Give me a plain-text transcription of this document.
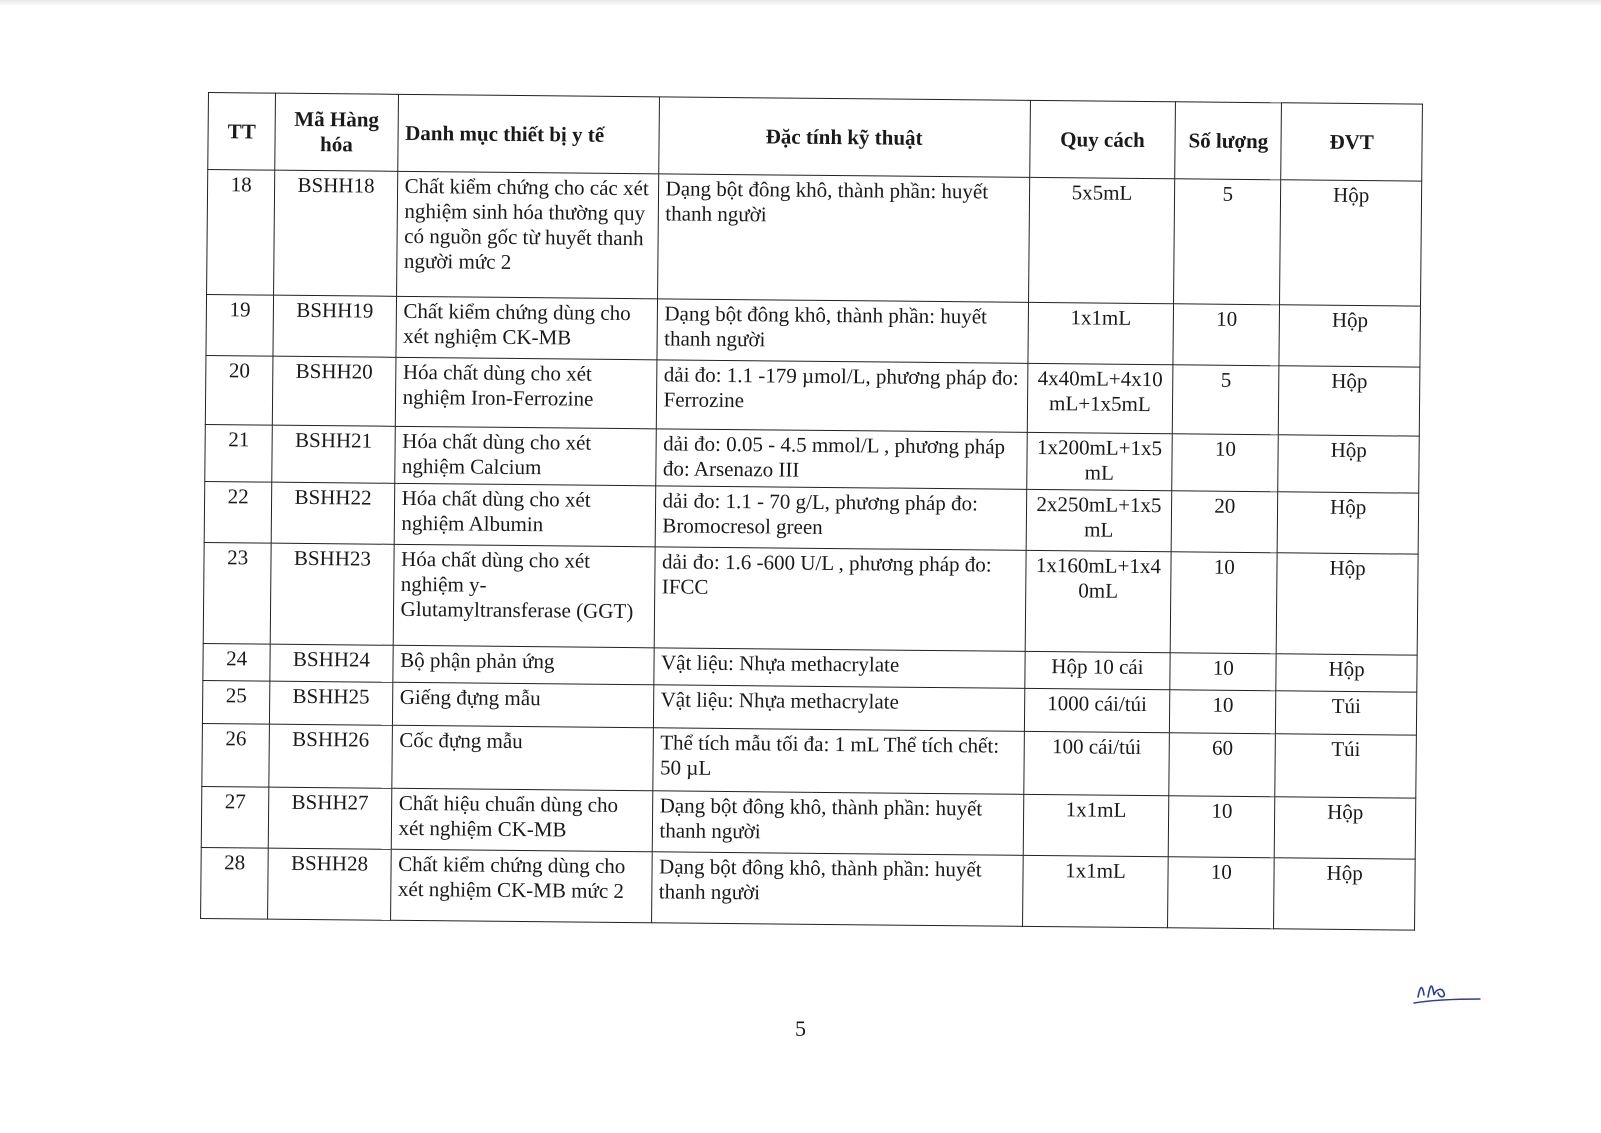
TT	Mã Hàng hóa	Danh mục thiết bị y tế	Đặc tính kỹ thuật	Quy cách	Số lượng	ĐVT
18	BSHH18	Chất kiểm chứng cho các xét nghiệm sinh hóa thường quy có nguồn gốc từ huyết thanh người mức 2	Dạng bột đông khô, thành phần: huyết thanh người	5x5mL	5	Hộp
19	BSHH19	Chất kiểm chứng dùng cho xét nghiệm CK-MB	Dạng bột đông khô, thành phần: huyết thanh người	1x1mL	10	Hộp
20	BSHH20	Hóa chất dùng cho xét nghiệm Iron-Ferrozine	dải đo: 1.1 -179 µmol/L, phương pháp đo: Ferrozine	4x40mL+4x10mL+1x5mL	5	Hộp
21	BSHH21	Hóa chất dùng cho xét nghiệm Calcium	dải đo: 0.05 - 4.5 mmol/L , phương pháp đo: Arsenazo III	1x200mL+1x5mL	10	Hộp
22	BSHH22	Hóa chất dùng cho xét nghiệm Albumin	dải đo: 1.1 - 70 g/L, phương pháp đo: Bromocresol green	2x250mL+1x5mL	20	Hộp
23	BSHH23	Hóa chất dùng cho xét nghiệm y-Glutamyltransferase (GGT)	dải đo: 1.6 -600 U/L , phương pháp đo: IFCC	1x160mL+1x40mL	10	Hộp
24	BSHH24	Bộ phận phản ứng	Vật liệu: Nhựa methacrylate	Hộp 10 cái	10	Hộp
25	BSHH25	Giếng đựng mẫu	Vật liệu: Nhựa methacrylate	1000 cái/túi	10	Túi
26	BSHH26	Cốc đựng mẫu	Thể tích mẫu tối đa: 1 mL Thể tích chết: 50 µL	100 cái/túi	60	Túi
27	BSHH27	Chất hiệu chuẩn dùng cho xét nghiệm CK-MB	Dạng bột đông khô, thành phần: huyết thanh người	1x1mL	10	Hộp
28	BSHH28	Chất kiểm chứng dùng cho xét nghiệm CK-MB mức 2	Dạng bột đông khô, thành phần: huyết thanh người	1x1mL	10	Hộp
5
